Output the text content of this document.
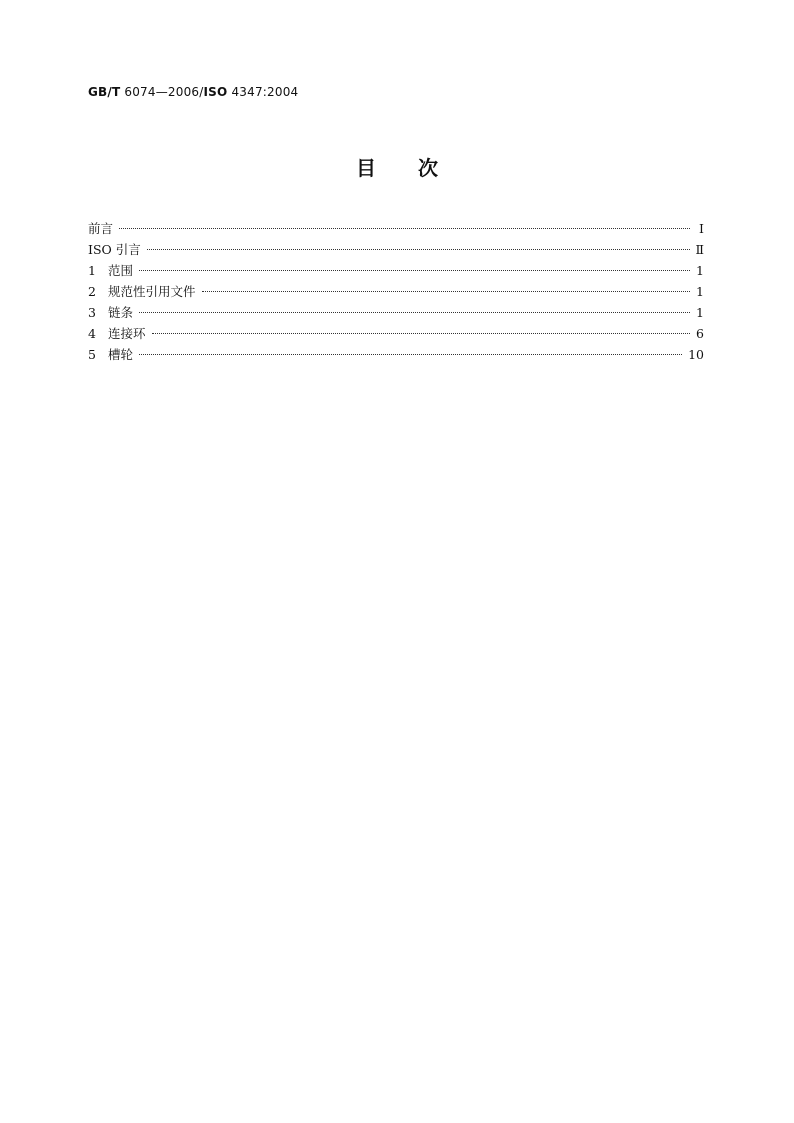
GB/T 6074—2006/ISO 4347:2004
目 次
前言	Ⅰ
ISO 引言	Ⅱ
1 范围	1
2 规范性引用文件	1
3 链条	1
4 连接环	6
5 槽轮	10
